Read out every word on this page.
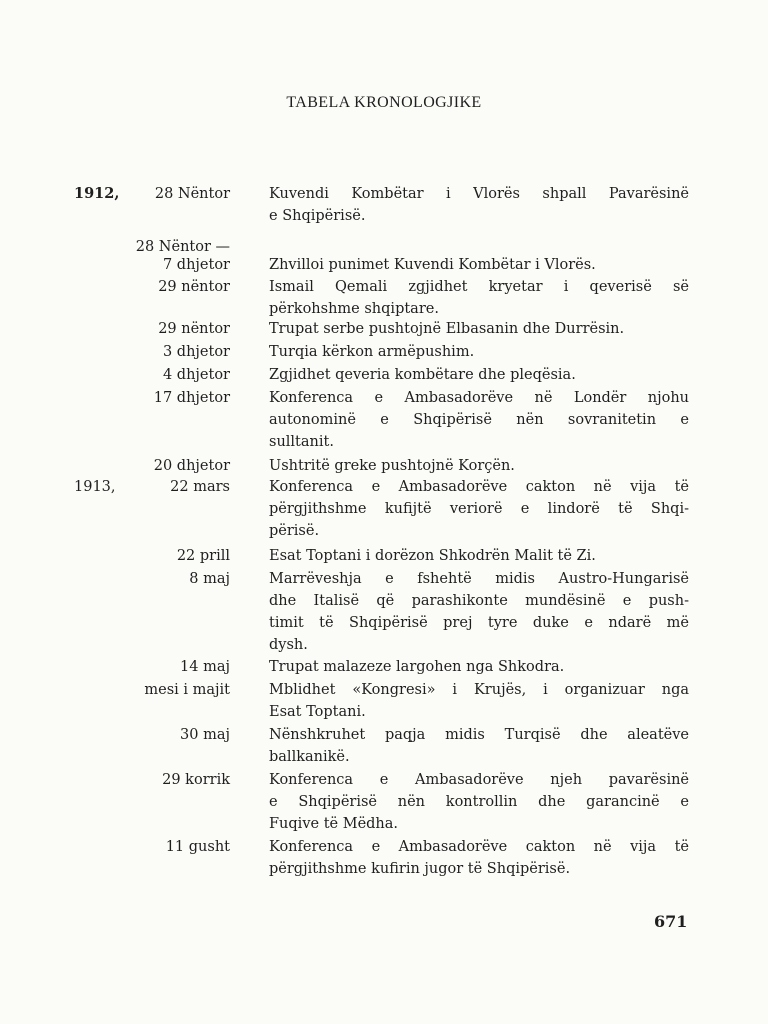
TABELA KRONOLOGJIKE
1912, 28 Nëntor	Kuvendi Kombëtar i Vlorës shpall Pavarësinë
e Shqipërisë.
28 Nëntor —
7 dhjetor	Zhvilloi punimet Kuvendi Kombëtar i Vlorës.
29 nëntor	Ismail Qemali zgjidhet kryetar i qeverisë së
përkohshme shqiptare.
29 nëntor	Trupat serbe pushtojnë Elbasanin dhe Durrësin.
3 dhjetor	Turqia kërkon armëpushim.
4 dhjetor	Zgjidhet qeveria kombëtare dhe pleqësia.
17 dhjetor	Konferenca e Ambasadorëve në Londër njohu
autonominë e Shqipërisë nën sovranitetin e
sulltanit.
20 dhjetor	Ushtritë greke pushtojnë Korçën.
1913,	22 mars	Konferenca e Ambasadorëve cakton në vija të
përgjithshme kufijtë veriorë e lindorë të Shqi-
përisë.
22 prill	Esat Toptani i dorëzon Shkodrën Malit të Zi.
8 maj	Marrëveshja e fshehtë midis Austro-Hungarisë
dhe Italisë që parashikonte mundësinë e push-
timit të Shqipërisë prej tyre duke e ndarë më
dysh.
14 maj	Trupat malazeze largohen nga Shkodra.
mesi i majit	Mblidhet «Kongresi» i Krujës, i organizuar nga
Esat Toptani.
30 maj	Nënshkruhet paqja midis Turqisë dhe aleatëve
ballkanikë.
29 korrik	Konferenca e Ambasadorëve njeh pavarësinë
e Shqipërisë nën kontrollin dhe garancinë e
Fuqive të Mëdha.
11 gusht	Konferenca e Ambasadorëve cakton në vija të
përgjithshme kufirin jugor të Shqipërisë.
671
